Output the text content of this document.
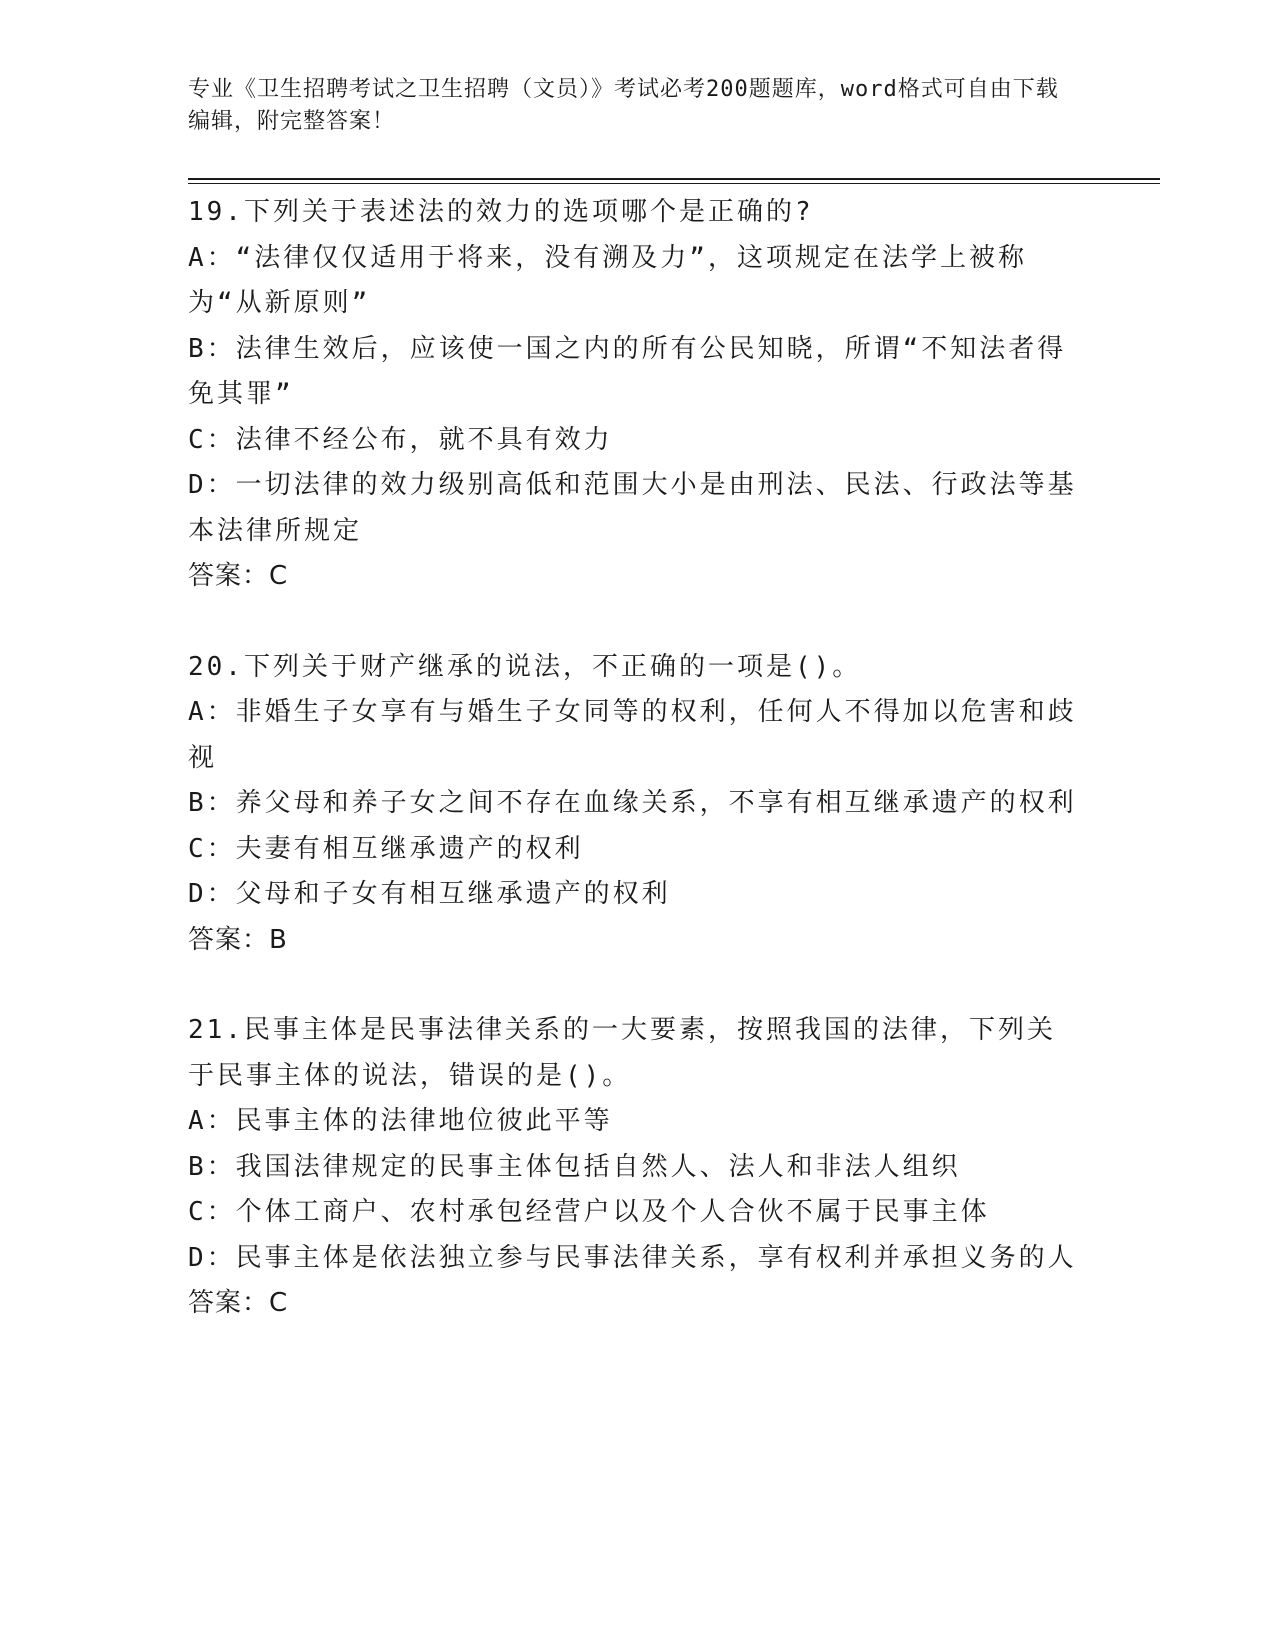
专业《卫生招聘考试之卫生招聘（文员）》考试必考200题题库，word格式可自由下载编辑，附完整答案！
19.下列关于表述法的效力的选项哪个是正确的?
A：“法律仅仅适用于将来，没有溯及力”，这项规定在法学上被称为“从新原则”
B：法律生效后，应该使一国之内的所有公民知晓，所谓“不知法者得免其罪”
C：法律不经公布，就不具有效力
D：一切法律的效力级别高低和范围大小是由刑法、民法、行政法等基本法律所规定
答案：C
20.下列关于财产继承的说法，不正确的一项是()。
A：非婚生子女享有与婚生子女同等的权利，任何人不得加以危害和歧视
B：养父母和养子女之间不存在血缘关系，不享有相互继承遗产的权利
C：夫妻有相互继承遗产的权利
D：父母和子女有相互继承遗产的权利
答案：B
21.民事主体是民事法律关系的一大要素，按照我国的法律，下列关于民事主体的说法，错误的是()。
A：民事主体的法律地位彼此平等
B：我国法律规定的民事主体包括自然人、法人和非法人组织
C：个体工商户、农村承包经营户以及个人合伙不属于民事主体
D：民事主体是依法独立参与民事法律关系，享有权利并承担义务的人
答案：C
